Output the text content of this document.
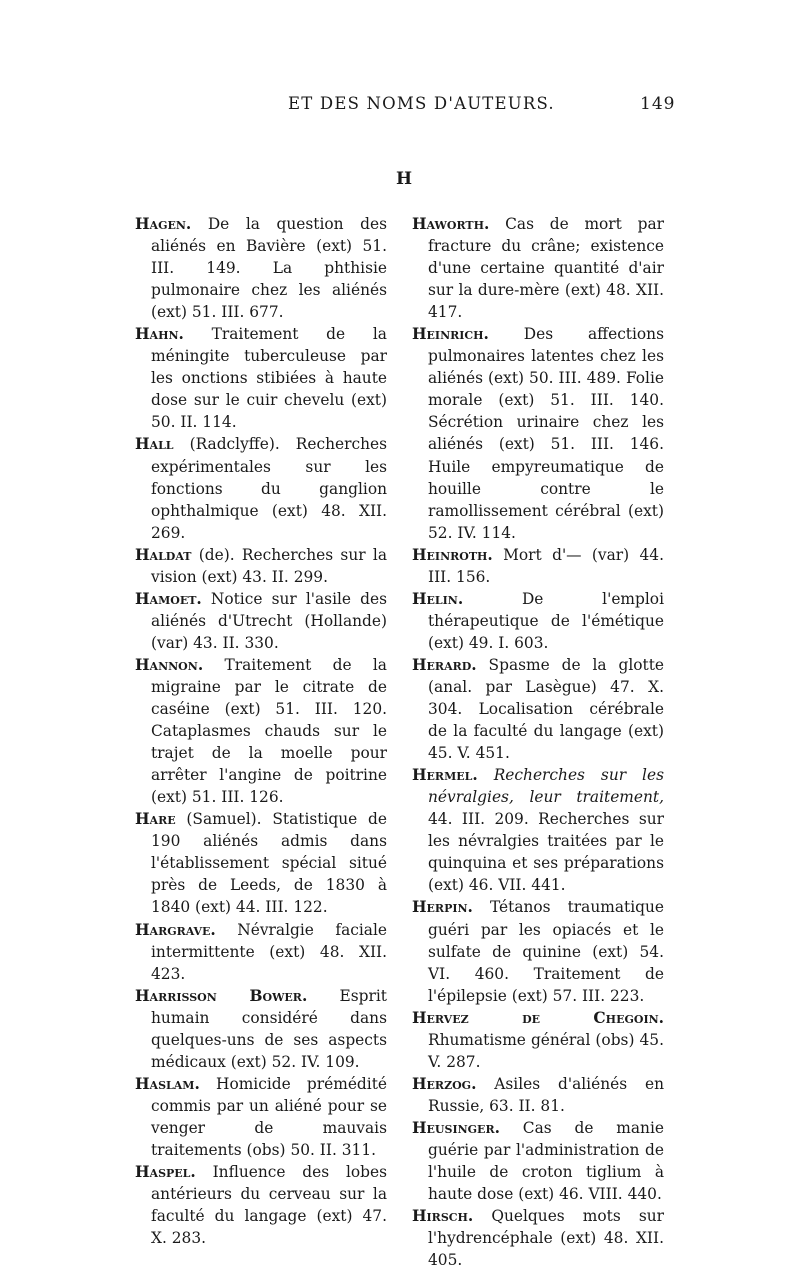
ET DES NOMS D'AUTEURS.	149
H

Hagen. De la question des aliénés en Bavière (ext) 51. III. 149. La phthisie pulmonaire chez les aliénés (ext) 51. III. 677.

Hahn. Traitement de la méningite tuberculeuse par les onctions stibiées à haute dose sur le cuir chevelu (ext) 50. II. 114.

Hall (Radclyffe). Recherches expérimentales sur les fonctions du ganglion ophthalmique (ext) 48. XII. 269.

Haldat (de). Recherches sur la vision (ext) 43. II. 299.

Hamoet. Notice sur l'asile des aliénés d'Utrecht (Hollande) (var) 43. II. 330.

Hannon. Traitement de la migraine par le citrate de caséine (ext) 51. III. 120. Cataplasmes chauds sur le trajet de la moelle pour arrêter l'angine de poitrine (ext) 51. III. 126.

Hare (Samuel). Statistique de 190 aliénés admis dans l'établissement spécial situé près de Leeds, de 1830 à 1840 (ext) 44. III. 122.

Hargrave. Névralgie faciale intermittente (ext) 48. XII. 423.

Harrisson Bower. Esprit humain considéré dans quelques-uns de ses aspects médicaux (ext) 52. IV. 109.

Haslam. Homicide prémédité commis par un aliéné pour se venger de mauvais traitements (obs) 50. II. 311.

Haspel. Influence des lobes antérieurs du cerveau sur la faculté du langage (ext) 47. X. 283.

Haworth. Cas de mort par fracture du crâne; existence d'une certaine quantité d'air sur la dure-mère (ext) 48. XII. 417.

Heinrich. Des affections pulmonaires latentes chez les aliénés (ext) 50. III. 489. Folie morale (ext) 51. III. 140. Sécrétion urinaire chez les aliénés (ext) 51. III. 146. Huile empyreumatique de houille contre le ramollissement cérébral (ext) 52. IV. 114.

Heinroth. Mort d'— (var) 44. III. 156.

Helin. De l'emploi thérapeutique de l'émétique (ext) 49. I. 603.

Herard. Spasme de la glotte (anal. par Lasègue) 47. X. 304. Localisation cérébrale de la faculté du langage (ext) 45. V. 451.

Hermel. Recherches sur les névralgies, leur traitement, 44. III. 209. Recherches sur les névralgies traitées par le quinquina et ses préparations (ext) 46. VII. 441.

Herpin. Tétanos traumatique guéri par les opiacés et le sulfate de quinine (ext) 54. VI. 460. Traitement de l'épilepsie (ext) 57. III. 223.

Hervez de Chegoin. Rhumatisme général (obs) 45. V. 287.

Herzog. Asiles d'aliénés en Russie, 63. II. 81.

Heusinger. Cas de manie guérie par l'administration de l'huile de croton tiglium à haute dose (ext) 46. VIII. 440.

Hirsch. Quelques mots sur l'hydrencéphale (ext) 48. XII. 405.
